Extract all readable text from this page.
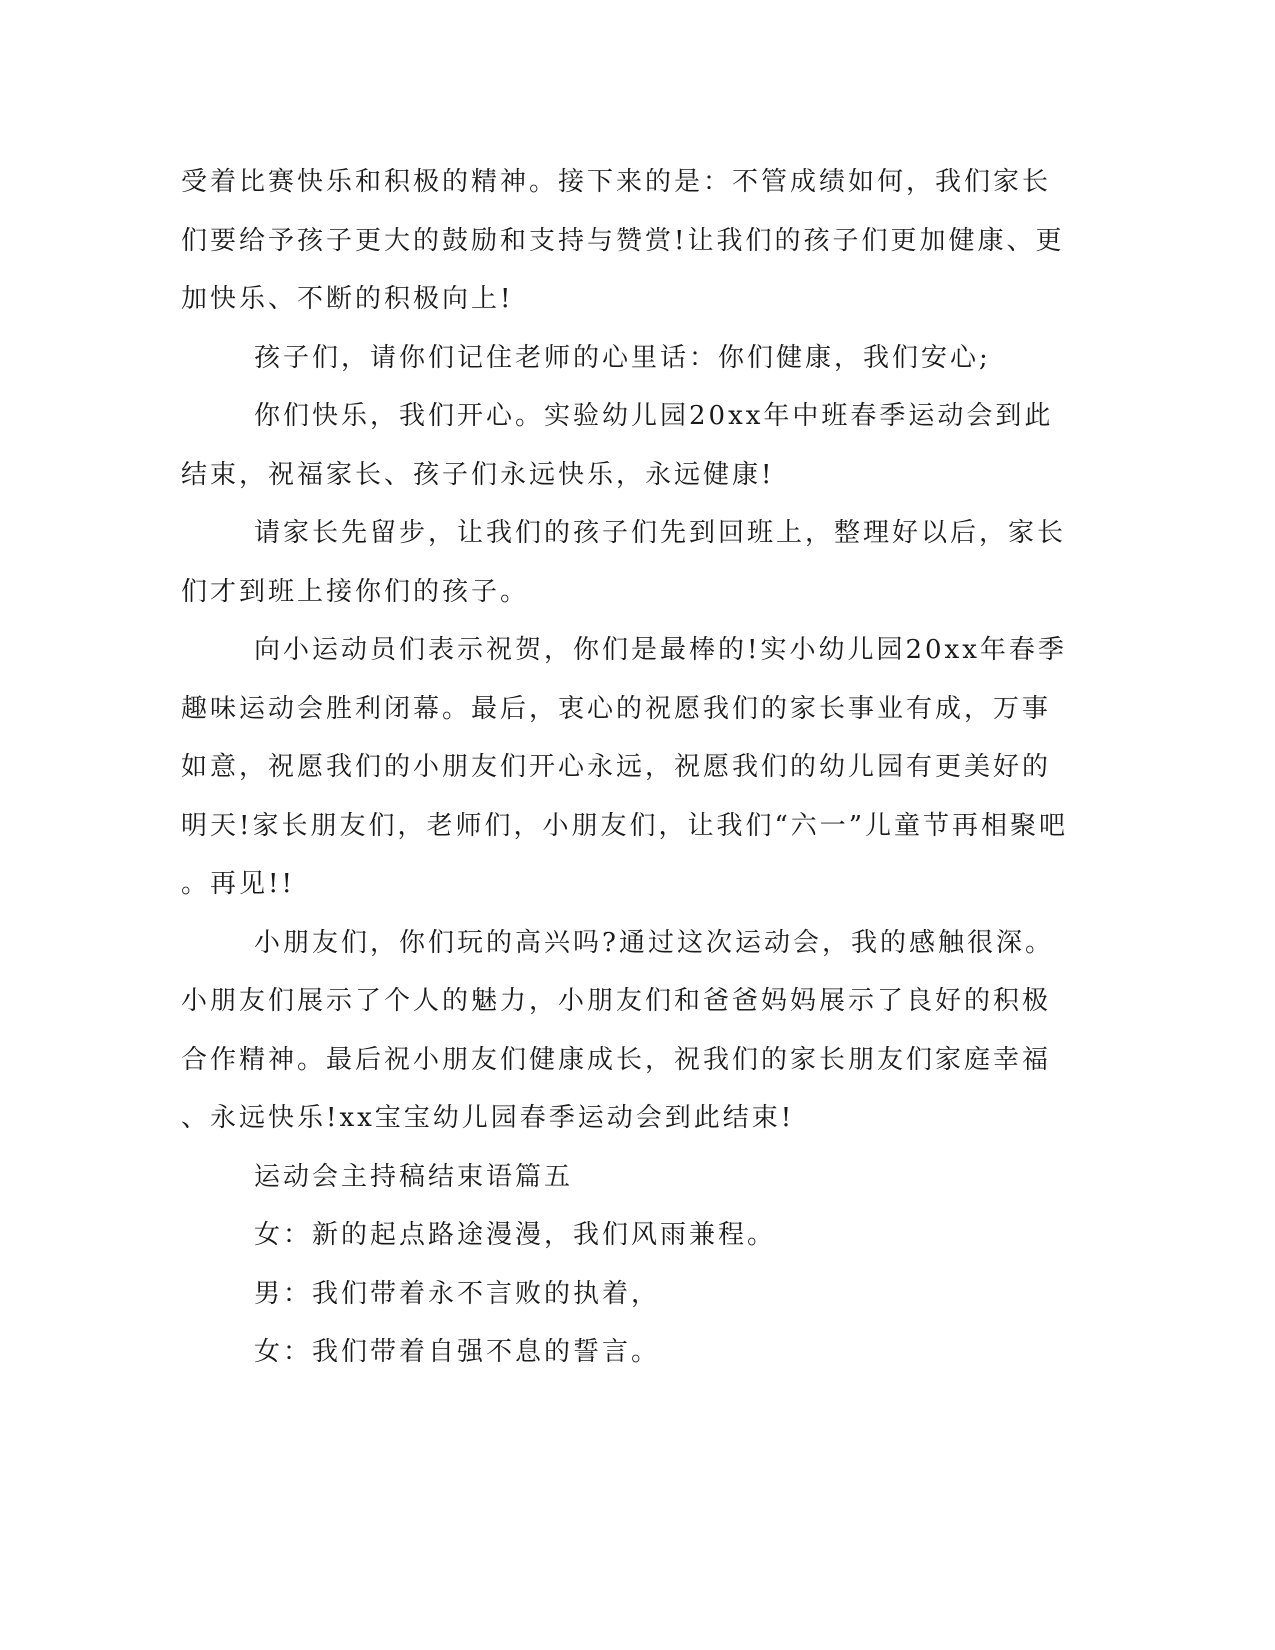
受着比赛快乐和积极的精神。接下来的是：不管成绩如何，我们家长
们要给予孩子更大的鼓励和支持与赞赏!让我们的孩子们更加健康、更
加快乐、不断的积极向上!
孩子们，请你们记住老师的心里话：你们健康，我们安心;
你们快乐，我们开心。实验幼儿园20xx年中班春季运动会到此
结束，祝福家长、孩子们永远快乐，永远健康!
请家长先留步，让我们的孩子们先到回班上，整理好以后，家长
们才到班上接你们的孩子。
向小运动员们表示祝贺，你们是最棒的!实小幼儿园20xx年春季
趣味运动会胜利闭幕。最后，衷心的祝愿我们的家长事业有成，万事
如意，祝愿我们的小朋友们开心永远，祝愿我们的幼儿园有更美好的
明天!家长朋友们，老师们，小朋友们，让我们“六一”儿童节再相聚吧
。再见!!
小朋友们，你们玩的高兴吗?通过这次运动会，我的感触很深。
小朋友们展示了个人的魅力，小朋友们和爸爸妈妈展示了良好的积极
合作精神。最后祝小朋友们健康成长，祝我们的家长朋友们家庭幸福
、永远快乐!xx宝宝幼儿园春季运动会到此结束!
运动会主持稿结束语篇五
女：新的起点路途漫漫，我们风雨兼程。
男：我们带着永不言败的执着，
女：我们带着自强不息的誓言。
